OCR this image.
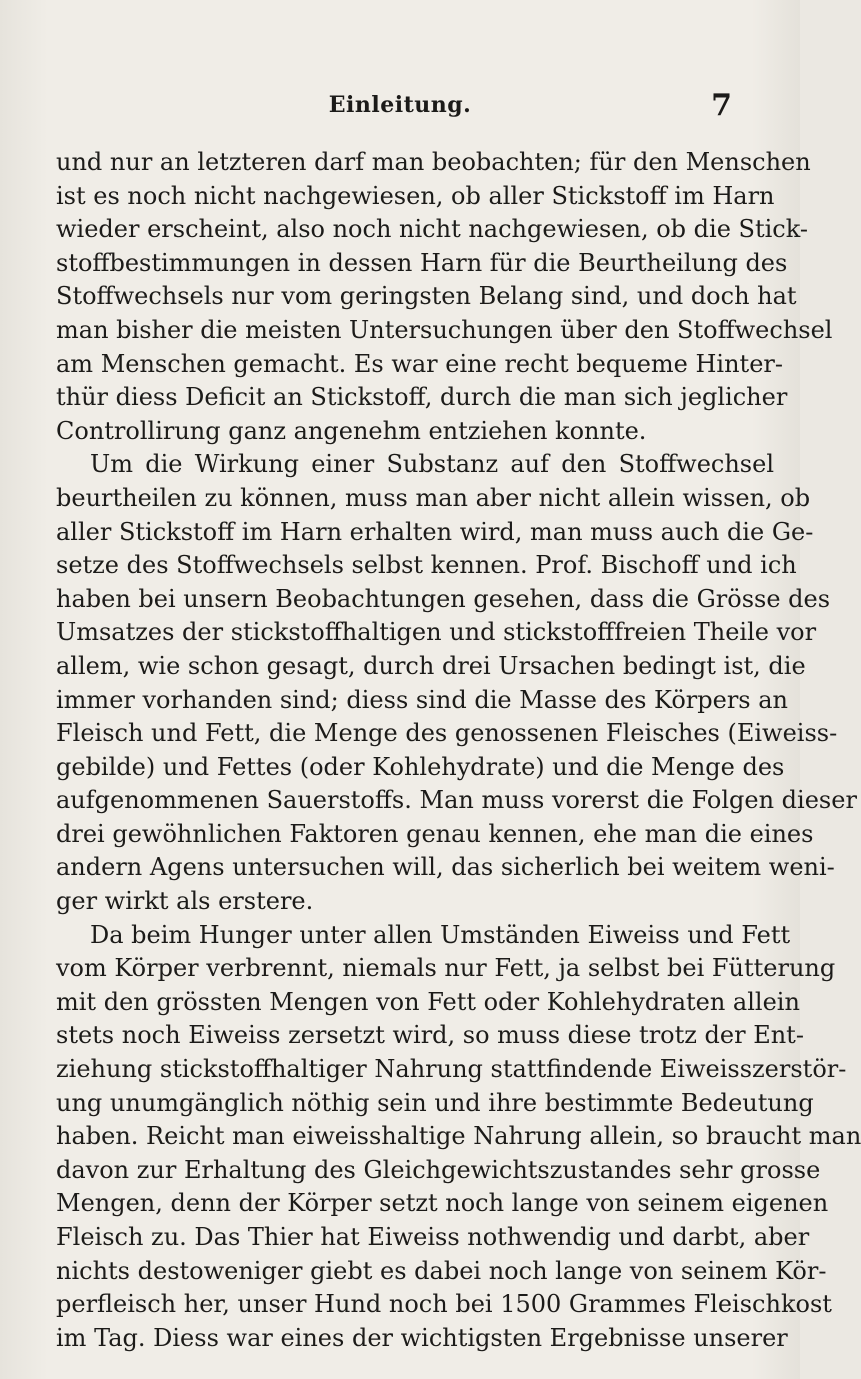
Einleitung.	7
und nur an letzteren darf man beobachten; für den Menschen
ist es noch nicht nachgewiesen, ob aller Stickstoff im Harn
wieder erscheint, also noch nicht nachgewiesen, ob die Stick-
stoffbestimmungen in dessen Harn für die Beurtheilung des
Stoffwechsels nur vom geringsten Belang sind, und doch hat
man bisher die meisten Untersuchungen über den Stoffwechsel
am Menschen gemacht. Es war eine recht bequeme Hinter-
thür diess Deficit an Stickstoff, durch die man sich jeglicher
Controllirung ganz angenehm entziehen konnte.
Um die Wirkung einer Substanz auf den Stoffwechsel
beurtheilen zu können, muss man aber nicht allein wissen, ob
aller Stickstoff im Harn erhalten wird, man muss auch die Ge-
setze des Stoffwechsels selbst kennen. Prof. Bischoff und ich
haben bei unsern Beobachtungen gesehen, dass die Grösse des
Umsatzes der stickstoffhaltigen und stickstofffreien Theile vor
allem, wie schon gesagt, durch drei Ursachen bedingt ist, die
immer vorhanden sind; diess sind die Masse des Körpers an
Fleisch und Fett, die Menge des genossenen Fleisches (Eiweiss-
gebilde) und Fettes (oder Kohlehydrate) und die Menge des
aufgenommenen Sauerstoffs. Man muss vorerst die Folgen dieser
drei gewöhnlichen Faktoren genau kennen, ehe man die eines
andern Agens untersuchen will, das sicherlich bei weitem weni-
ger wirkt als erstere.
Da beim Hunger unter allen Umständen Eiweiss und Fett
vom Körper verbrennt, niemals nur Fett, ja selbst bei Fütterung
mit den grössten Mengen von Fett oder Kohlehydraten allein
stets noch Eiweiss zersetzt wird, so muss diese trotz der Ent-
ziehung stickstoffhaltiger Nahrung stattfindende Eiweisszerstör-
ung unumgänglich nöthig sein und ihre bestimmte Bedeutung
haben. Reicht man eiweisshaltige Nahrung allein, so braucht man
davon zur Erhaltung des Gleichgewichtszustandes sehr grosse
Mengen, denn der Körper setzt noch lange von seinem eigenen
Fleisch zu. Das Thier hat Eiweiss nothwendig und darbt, aber
nichts destoweniger giebt es dabei noch lange von seinem Kör-
perfleisch her, unser Hund noch bei 1500 Grammes Fleischkost
im Tag. Diess war eines der wichtigsten Ergebnisse unserer
